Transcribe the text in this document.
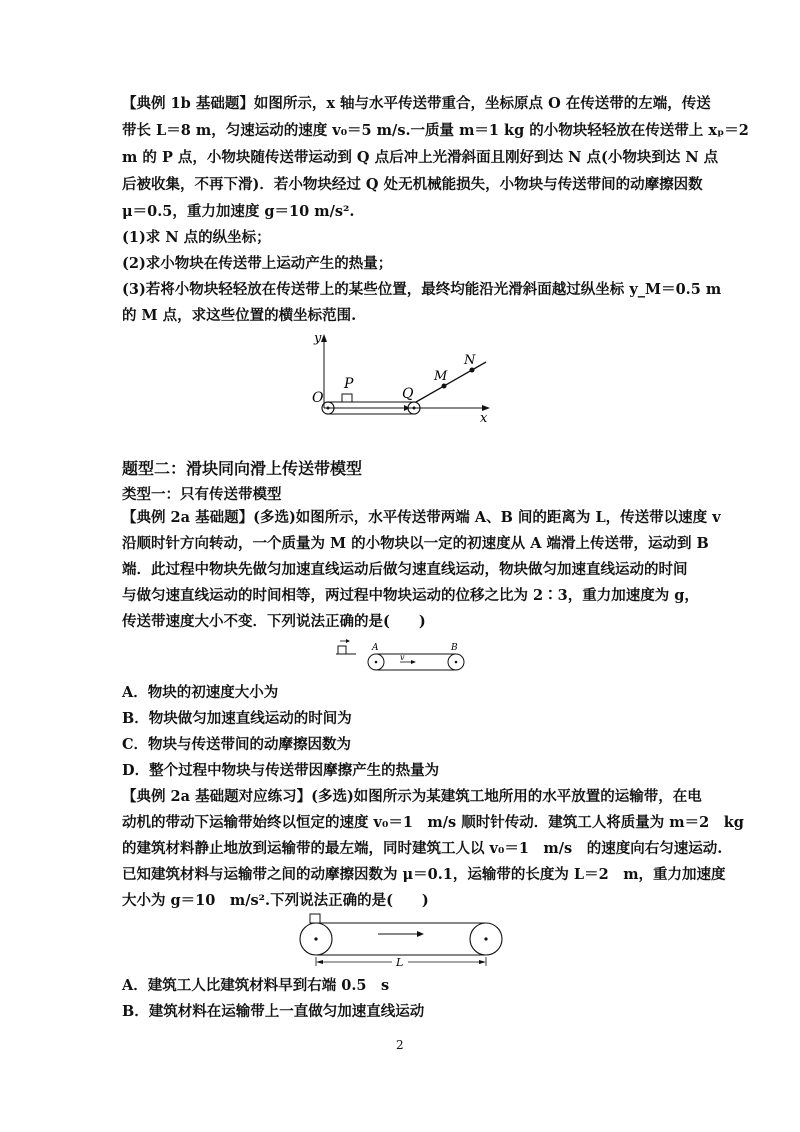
【典例 1b 基础题】如图所示，x 轴与水平传送带重合，坐标原点 O 在传送带的左端，传送
带长 L＝8 m，匀速运动的速度 v₀＝5 m/s.一质量 m＝1 kg 的小物块轻轻放在传送带上 xₚ＝2
m 的 P 点，小物块随传送带运动到 Q 点后冲上光滑斜面且刚好到达 N 点(小物块到达 N 点
后被收集，不再下滑)．若小物块经过 Q 处无机械能损失，小物块与传送带间的动摩擦因数
μ＝0.5，重力加速度 g＝10 m/s².
(1)求 N 点的纵坐标；
(2)求小物块在传送带上运动产生的热量；
(3)若将小物块轻轻放在传送带上的某些位置，最终均能沿光滑斜面越过纵坐标 y_M＝0.5 m
的 M 点，求这些位置的横坐标范围.
y
O
P
Q
M
N
x
题型二：滑块同向滑上传送带模型
类型一：只有传送带模型
【典例 2a 基础题】(多选)如图所示，水平传送带两端 A、B 间的距离为 L，传送带以速度 v
沿顺时针方向转动，一个质量为 M 的小物块以一定的初速度从 A 端滑上传送带，运动到 B
端．此过程中物块先做匀加速直线运动后做匀速直线运动，物块做匀加速直线运动的时间
与做匀速直线运动的时间相等，两过程中物块运动的位移之比为 2∶3，重力加速度为 g，
传送带速度大小不变．下列说法正确的是(　　)
A	B
v
A．物块的初速度大小为
B．物块做匀加速直线运动的时间为
C．物块与传送带间的动摩擦因数为
D．整个过程中物块与传送带因摩擦产生的热量为
【典例 2a 基础题对应练习】(多选)如图所示为某建筑工地所用的水平放置的运输带，在电
动机的带动下运输带始终以恒定的速度 v₀＝1　m/s 顺时针传动．建筑工人将质量为 m＝2　kg
的建筑材料静止地放到运输带的最左端，同时建筑工人以 v₀＝1　m/s　的速度向右匀速运动.
已知建筑材料与运输带之间的动摩擦因数为 μ＝0.1，运输带的长度为 L＝2　m，重力加速度
大小为 g＝10　m/s².下列说法正确的是(　　)
L
A．建筑工人比建筑材料早到右端 0.5　s
B．建筑材料在运输带上一直做匀加速直线运动
2
